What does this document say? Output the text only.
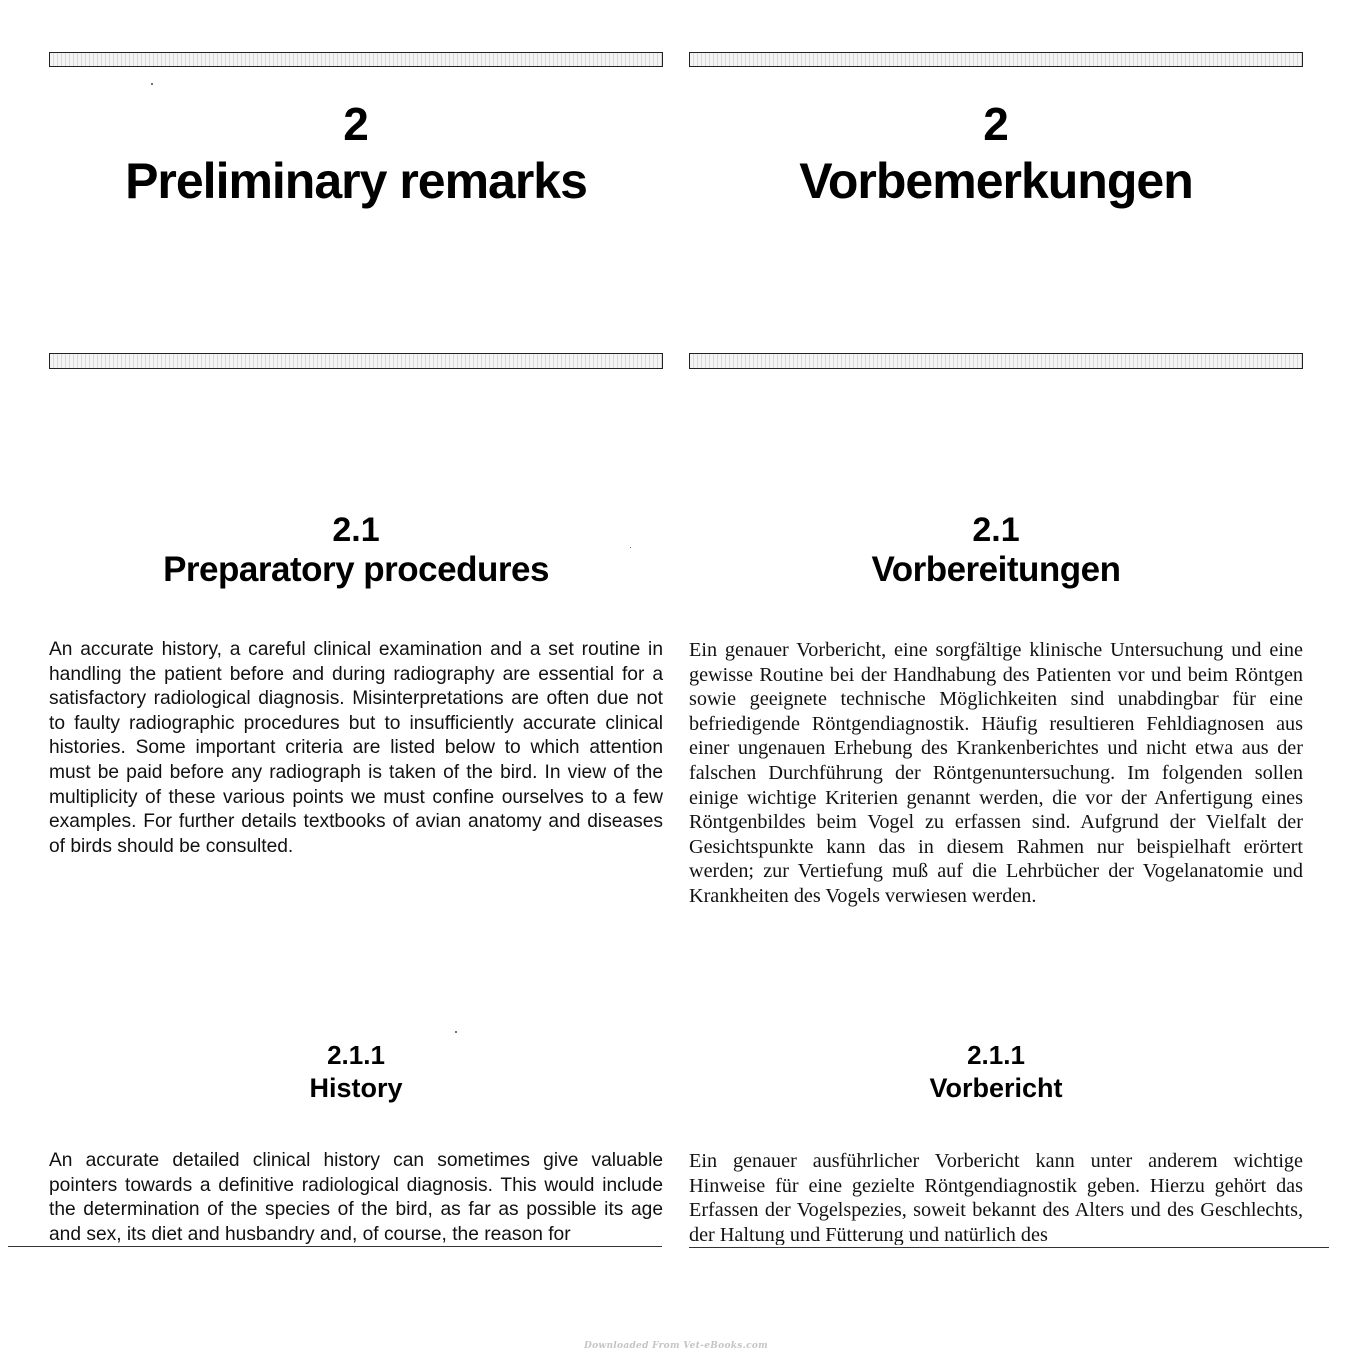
2
Preliminary remarks
2.1
Preparatory procedures

An accurate history, a careful clinical examination and a set routine in handling the patient before and during radiography are essential for a satisfactory radiological diagnosis. Misinterpretations are often due not to faulty radiographic procedures but to insufficiently accurate clinical histories. Some important criteria are listed below to which attention must be paid before any radiograph is taken of the bird. In view of the multiplicity of these various points we must confine ourselves to a few examples. For further details textbooks of avian anatomy and diseases of birds should be consulted.

2.1.1
History

An accurate detailed clinical history can sometimes give valuable pointers towards a definitive radiological diagnosis. This would include the determination of the species of the bird, as far as possible its age and sex, its diet and husbandry and, of course, the reason for

2
Vorbemerkungen
2.1
Vorbereitungen

Ein genauer Vorbericht, eine sorgfältige klinische Untersuchung und eine gewisse Routine bei der Handhabung des Patienten vor und beim Röntgen sowie geeignete technische Möglichkeiten sind unabdingbar für eine befriedigende Röntgendiagnostik. Häufig resultieren Fehldiagnosen aus einer ungenauen Erhebung des Krankenberichtes und nicht etwa aus der falschen Durchführung der Röntgenuntersuchung. Im folgenden sollen einige wichtige Kriterien genannt werden, die vor der Anfertigung eines Röntgenbildes beim Vogel zu erfassen sind. Aufgrund der Vielfalt der Gesichtspunkte kann das in diesem Rahmen nur beispielhaft erörtert werden; zur Vertiefung muß auf die Lehrbücher der Vogelanatomie und Krankheiten des Vogels verwiesen werden.

2.1.1
Vorbericht

Ein genauer ausführlicher Vorbericht kann unter anderem wichtige Hinweise für eine gezielte Röntgendiagnostik geben. Hierzu gehört das Erfassen der Vogelspezies, soweit bekannt des Alters und des Geschlechts, der Haltung und Fütterung und natürlich des

Downloaded From Vet-eBooks.com
